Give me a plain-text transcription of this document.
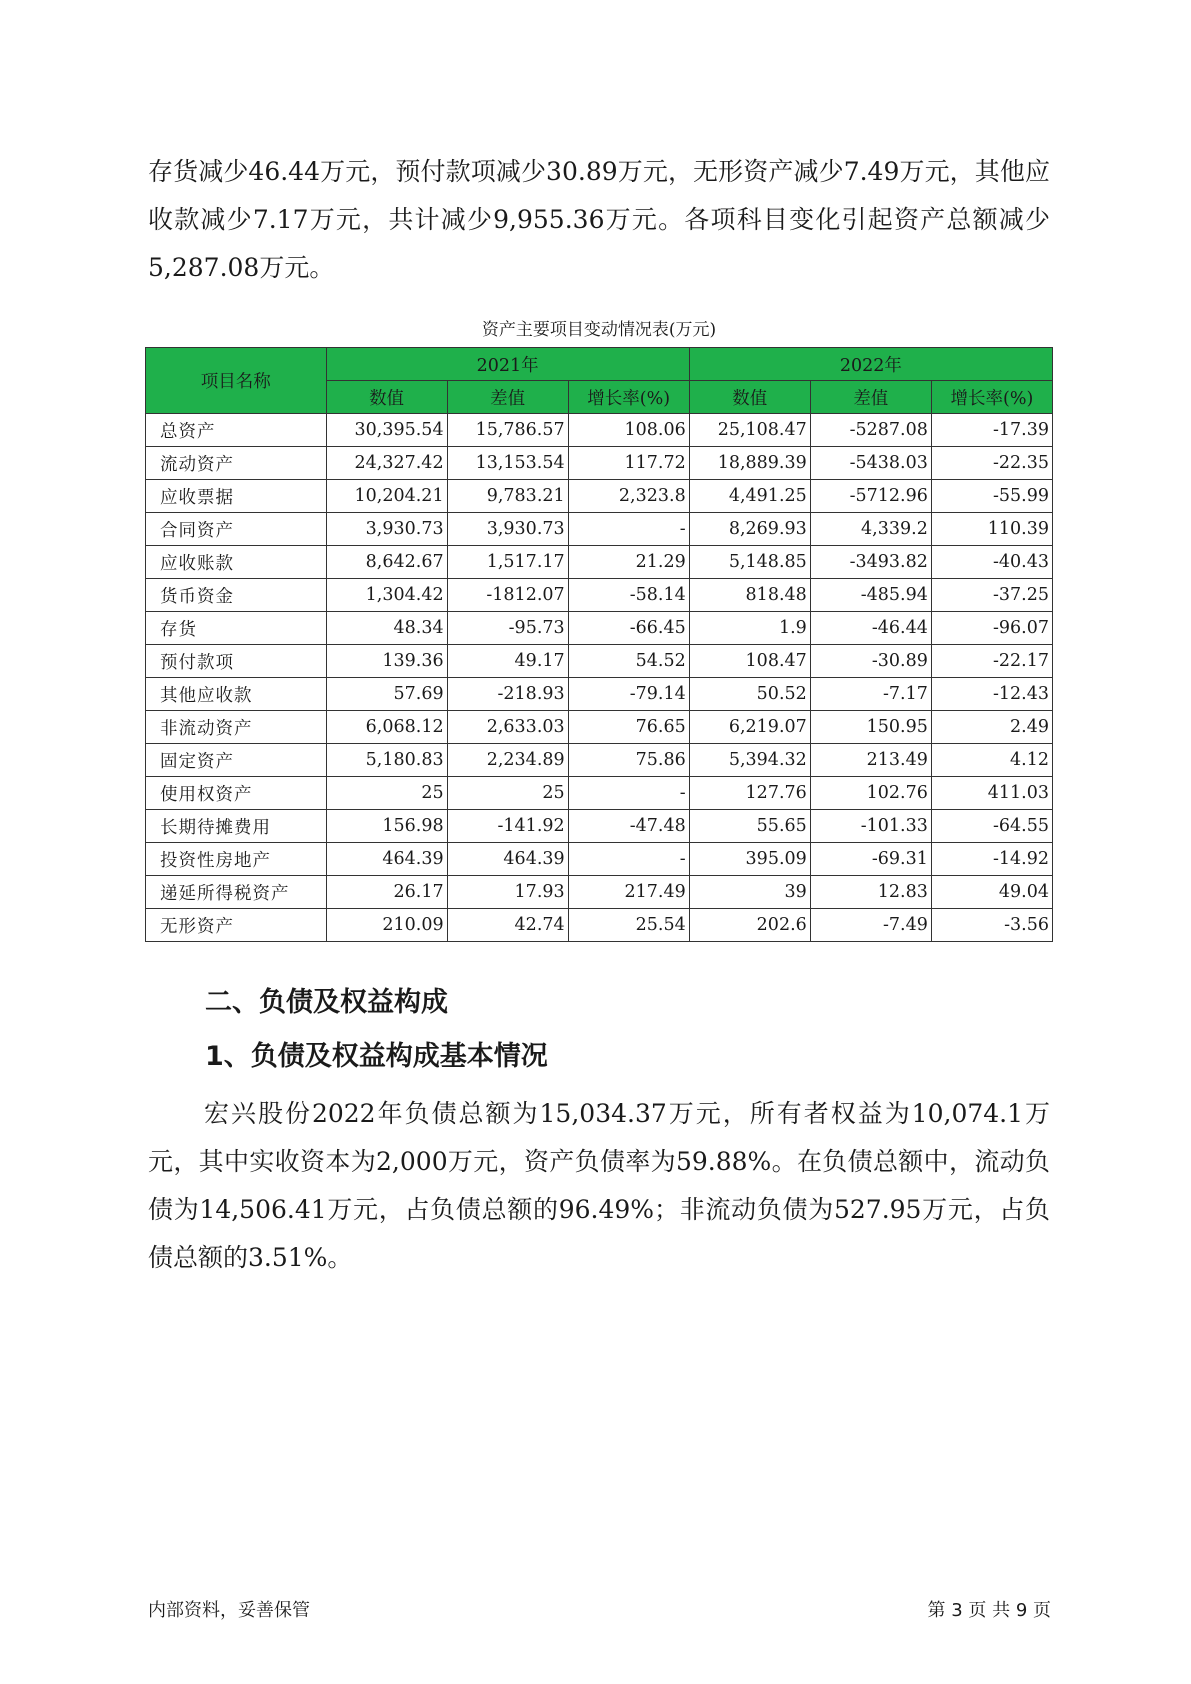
存货减少46.44万元，预付款项减少30.89万元，无形资产减少7.49万元，其他应收款减少7.17万元，共计减少9,955.36万元。各项科目变化引起资产总额减少5,287.08万元。

资产主要项目变动情况表(万元)
项目名称	2021年			2022年		
	数值	差值	增长率(%)	数值	差值	增长率(%)
总资产	30,395.54	15,786.57	108.06	25,108.47	-5287.08	-17.39
流动资产	24,327.42	13,153.54	117.72	18,889.39	-5438.03	-22.35
应收票据	10,204.21	9,783.21	2,323.8	4,491.25	-5712.96	-55.99
合同资产	3,930.73	3,930.73	-	8,269.93	4,339.2	110.39
应收账款	8,642.67	1,517.17	21.29	5,148.85	-3493.82	-40.43
货币资金	1,304.42	-1812.07	-58.14	818.48	-485.94	-37.25
存货	48.34	-95.73	-66.45	1.9	-46.44	-96.07
预付款项	139.36	49.17	54.52	108.47	-30.89	-22.17
其他应收款	57.69	-218.93	-79.14	50.52	-7.17	-12.43
非流动资产	6,068.12	2,633.03	76.65	6,219.07	150.95	2.49
固定资产	5,180.83	2,234.89	75.86	5,394.32	213.49	4.12
使用权资产	25	25	-	127.76	102.76	411.03
长期待摊费用	156.98	-141.92	-47.48	55.65	-101.33	-64.55
投资性房地产	464.39	464.39	-	395.09	-69.31	-14.92
递延所得税资产	26.17	17.93	217.49	39	12.83	49.04
无形资产	210.09	42.74	25.54	202.6	-7.49	-3.56
二、负债及权益构成
1、负债及权益构成基本情况

宏兴股份2022年负债总额为15,034.37万元，所有者权益为10,074.1万元，其中实收资本为2,000万元，资产负债率为59.88%。在负债总额中，流动负债为14,506.41万元，占负债总额的96.49%；非流动负债为527.95万元，占负债总额的3.51%。

内部资料，妥善保管	第 3 页 共 9 页
